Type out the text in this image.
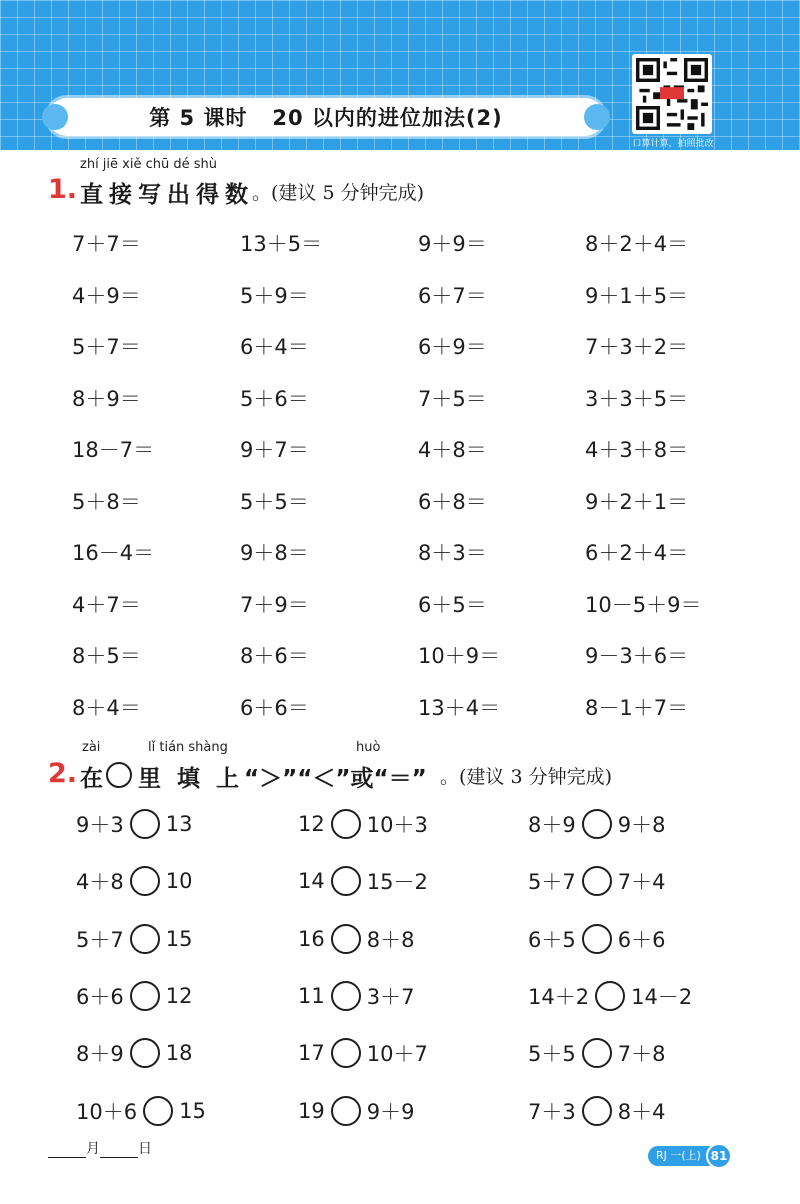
第 5 课时   20 以内的进位加法(2)
口算计算，拍照批改
zhí jiē xiě chū dé shù
1. 直接写出得数
。(建议 5 分钟完成)
7＋7＝	13＋5＝	9＋9＝	8＋2＋4＝
4＋9＝	5＋9＝	6＋7＝	9＋1＋5＝
5＋7＝	6＋4＝	6＋9＝	7＋3＋2＝
8＋9＝	5＋6＝	7＋5＝	3＋3＋5＝
18－7＝	9＋7＝	4＋8＝	4＋3＋8＝
5＋8＝	5＋5＝	6＋8＝	9＋2＋1＝
16－4＝	9＋8＝	8＋3＝	6＋2＋4＝
4＋7＝	7＋9＝	6＋5＝	10－5＋9＝
8＋5＝	8＋6＝	10＋9＝	9－3＋6＝
8＋4＝	6＋6＝	13＋4＝	8－1＋7＝
zài	lǐ tián shàng	huò
2. 在 里 填 上 “＞”“＜”或“＝” 。(建议 3 分钟完成)
9＋3 13	12 10＋3	8＋9 9＋8
4＋8 10	14 15－2	5＋7 7＋4
5＋7 15	16 8＋8	6＋5 6＋6
6＋6 12	11 3＋7	14＋2 14－2
8＋9 18	17 10＋7	5＋5 7＋8
10＋6 15	19 9＋9	7＋3 8＋4
月	日	RJ 一(上) 81
